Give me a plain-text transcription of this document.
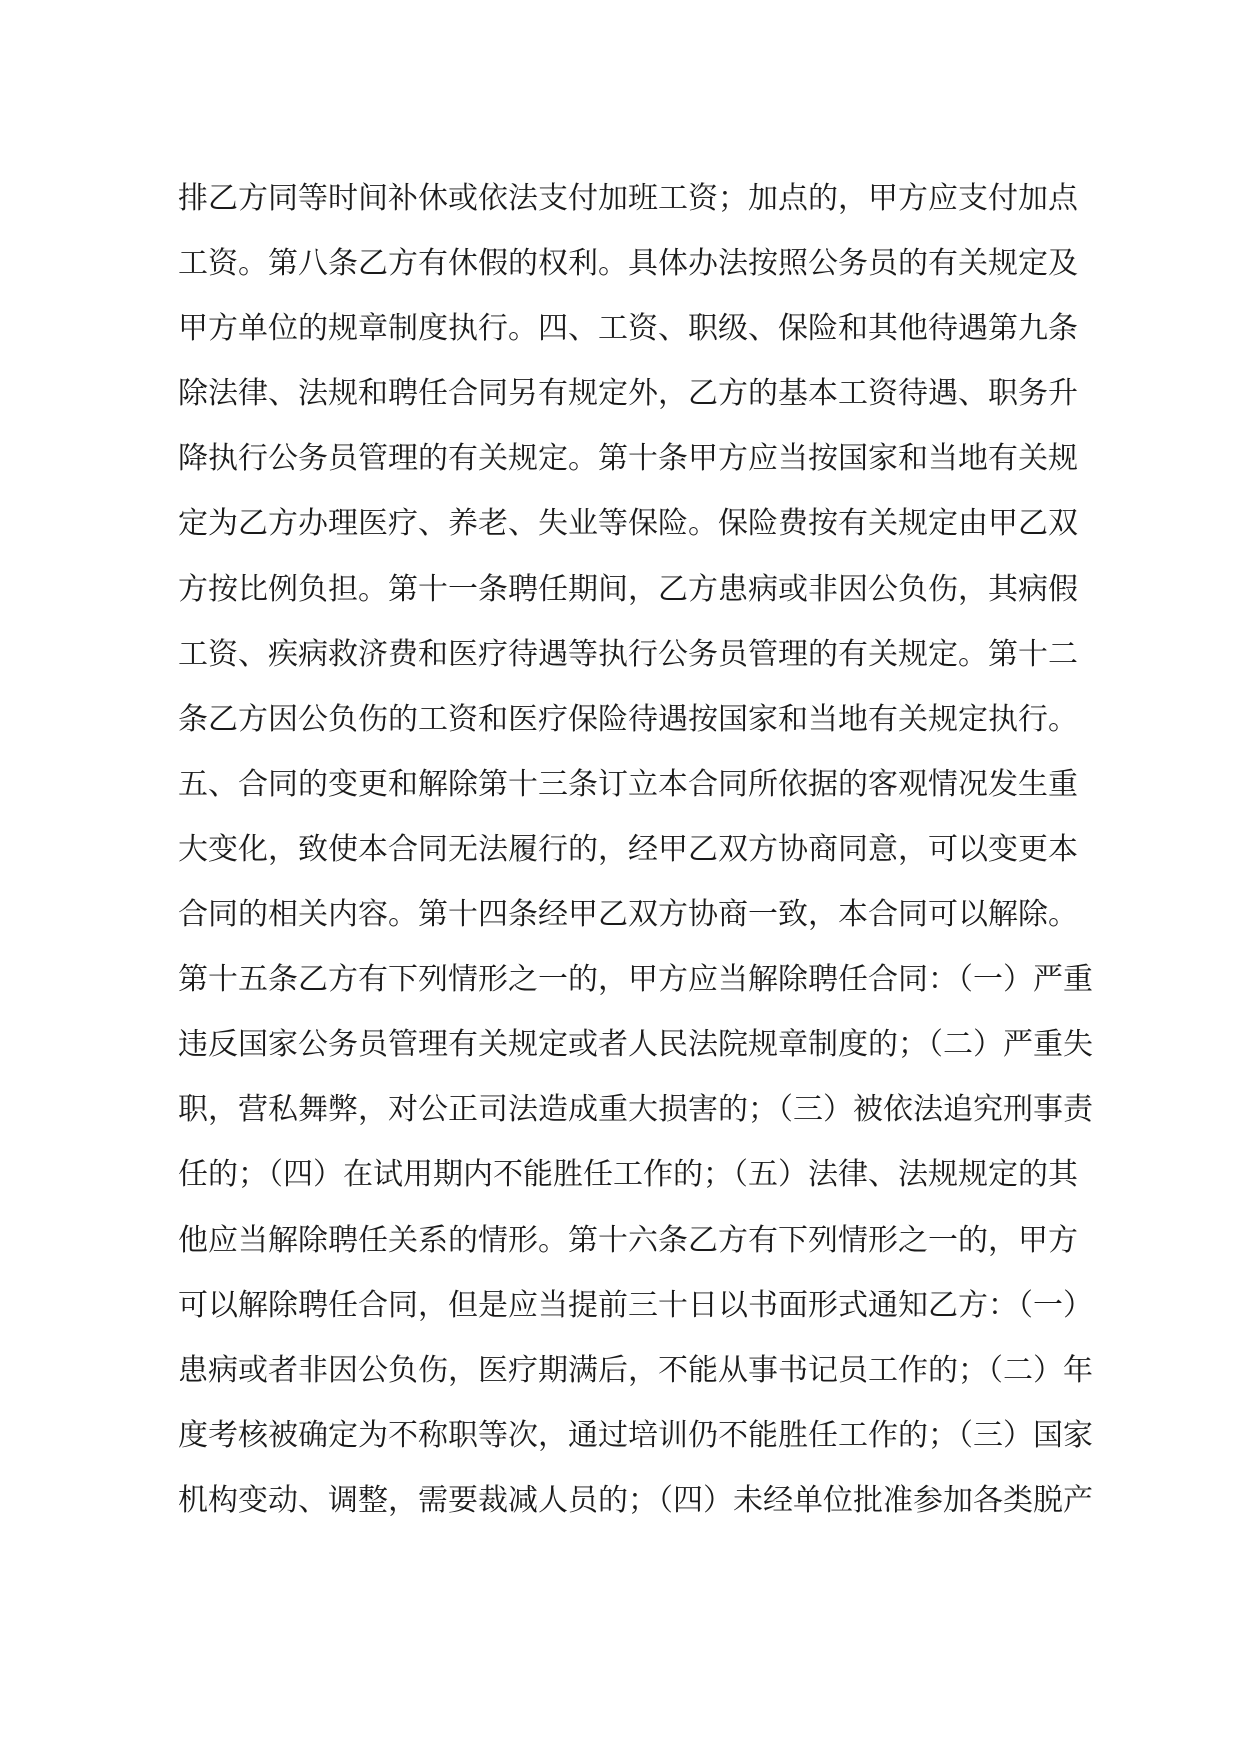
排乙方同等时间补休或依法支付加班工资；加点的，甲方应支付加点
工资。第八条乙方有休假的权利。具体办法按照公务员的有关规定及
甲方单位的规章制度执行。四、工资、职级、保险和其他待遇第九条
除法律、法规和聘任合同另有规定外，乙方的基本工资待遇、职务升
降执行公务员管理的有关规定。第十条甲方应当按国家和当地有关规
定为乙方办理医疗、养老、失业等保险。保险费按有关规定由甲乙双
方按比例负担。第十一条聘任期间，乙方患病或非因公负伤，其病假
工资、疾病救济费和医疗待遇等执行公务员管理的有关规定。第十二
条乙方因公负伤的工资和医疗保险待遇按国家和当地有关规定执行。
五、合同的变更和解除第十三条订立本合同所依据的客观情况发生重
大变化，致使本合同无法履行的，经甲乙双方协商同意，可以变更本
合同的相关内容。第十四条经甲乙双方协商一致，本合同可以解除。
第十五条乙方有下列情形之一的，甲方应当解除聘任合同：（一）严重
违反国家公务员管理有关规定或者人民法院规章制度的；（二）严重失
职，营私舞弊，对公正司法造成重大损害的；（三）被依法追究刑事责
任的；（四）在试用期内不能胜任工作的；（五）法律、法规规定的其
他应当解除聘任关系的情形。第十六条乙方有下列情形之一的，甲方
可以解除聘任合同，但是应当提前三十日以书面形式通知乙方：（一）
患病或者非因公负伤，医疗期满后，不能从事书记员工作的；（二）年
度考核被确定为不称职等次，通过培训仍不能胜任工作的；（三）国家
机构变动、调整，需要裁减人员的；（四）未经单位批准参加各类脱产
